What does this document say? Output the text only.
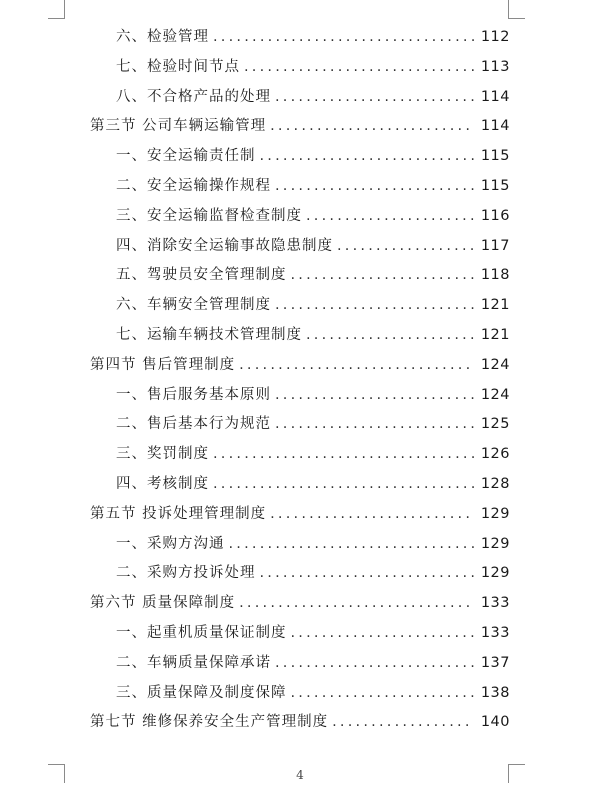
六、检验管理 .....	112
七、检验时间节点 .....	113
八、不合格产品的处理 .....	114
第三节 公司车辆运输管理 .....	114
一、安全运输责任制 .....	115
二、安全运输操作规程 .....	115
三、安全运输监督检查制度 .....	116
四、消除安全运输事故隐患制度 .....	117
五、驾驶员安全管理制度 .....	118
六、车辆安全管理制度 .....	121
七、运输车辆技术管理制度 .....	121
第四节 售后管理制度 .....	124
一、售后服务基本原则 .....	124
二、售后基本行为规范 .....	125
三、奖罚制度 .....	126
四、考核制度 .....	128
第五节 投诉处理管理制度 .....	129
一、采购方沟通 .....	129
二、采购方投诉处理 .....	129
第六节 质量保障制度 .....	133
一、起重机质量保证制度 .....	133
二、车辆质量保障承诺 .....	137
三、质量保障及制度保障 .....	138
第七节 维修保养安全生产管理制度 .....	140
4
